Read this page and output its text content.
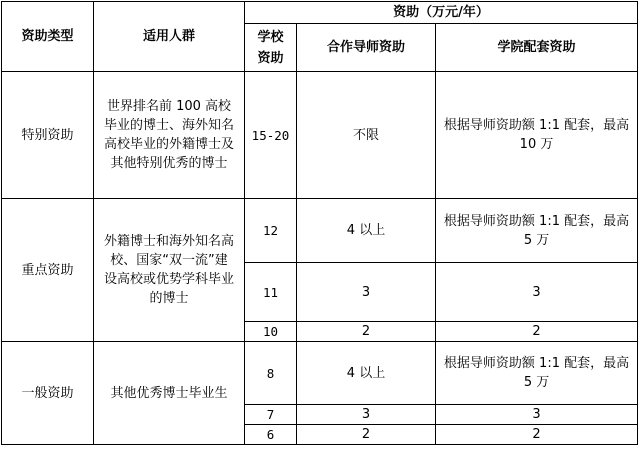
资助类型	适用人群	资助（万元/年）		

		学校资助	合作导师资助	学院配套资助
特别资助	世界排名前 100 高校毕业的博士、海外知名高校毕业的外籍博士及其他特别优秀的博士	15-20	不限	根据导师资助额 1:1 配套，最高 10 万

重点资助	外籍博士和海外知名高校、国家“双一流”建设高校或优势学科毕业的博士	12	4 以上	根据导师资助额 1:1 配套，最高 5 万

		11	3	3
		10	2	2
一般资助	其他优秀博士毕业生	8	4 以上	根据导师资助额 1:1 配套，最高 5 万

		7	3	3
		6	2	2
